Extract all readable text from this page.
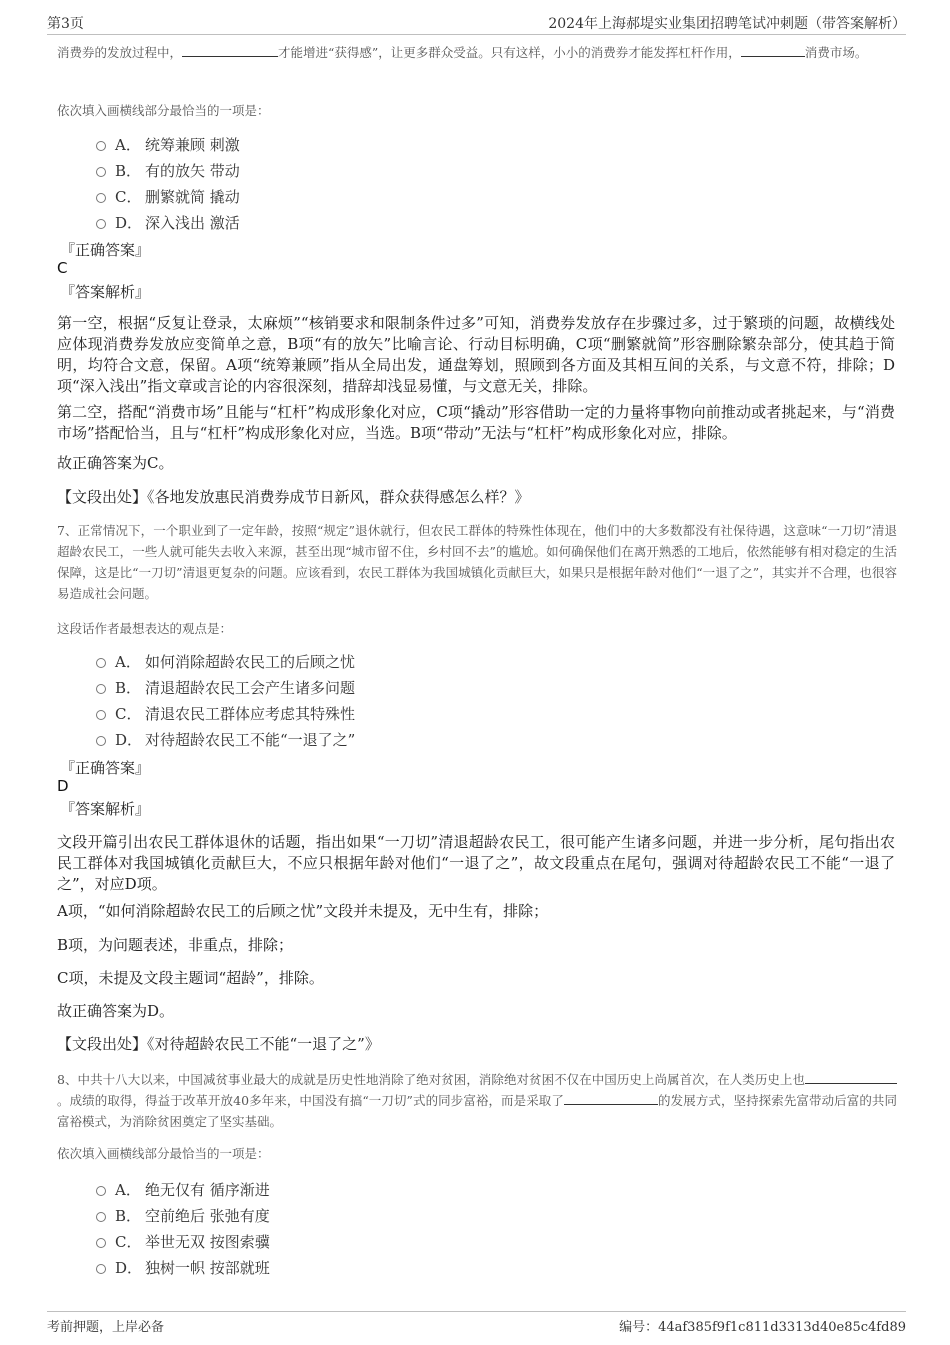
第3页	2024年上海郝堤实业集团招聘笔试冲刺题（带答案解析）
消费券的发放过程中，	才能增进“获得感”，让更多群众受益。只有这样，小小的消费券才能发挥杠杆作用，	消费市场。
依次填入画横线部分最恰当的一项是：
A． 统筹兼顾 刺激
B． 有的放矢 带动
C． 删繁就简 撬动
D． 深入浅出 激活
『正确答案』
C
『答案解析』
第一空，根据“反复让登录，太麻烦”“核销要求和限制条件过多”可知，消费券发放存在步骤过多，过于繁琐的问题，故横线处应体现消费券发放应变简单之意，B项“有的放矢”比喻言论、行动目标明确，C项“删繁就简”形容删除繁杂部分，使其趋于简明，均符合文意，保留。A项“统筹兼顾”指从全局出发，通盘筹划，照顾到各方面及其相互间的关系，与文意不符，排除；D项“深入浅出”指文章或言论的内容很深刻，措辞却浅显易懂，与文意无关，排除。
第二空，搭配“消费市场”且能与“杠杆”构成形象化对应，C项“撬动”形容借助一定的力量将事物向前推动或者挑起来，与“消费市场”搭配恰当，且与“杠杆”构成形象化对应，当选。B项“带动”无法与“杠杆”构成形象化对应，排除。
故正确答案为C。
【文段出处】《各地发放惠民消费券成节日新风，群众获得感怎么样？》
7、正常情况下，一个职业到了一定年龄，按照“规定”退休就行，但农民工群体的特殊性体现在，他们中的大多数都没有社保待遇，这意味“一刀切”清退超龄农民工，一些人就可能失去收入来源，甚至出现“城市留不住，乡村回不去”的尴尬。如何确保他们在离开熟悉的工地后，依然能够有相对稳定的生活保障，这是比“一刀切”清退更复杂的问题。应该看到，农民工群体为我国城镇化贡献巨大，如果只是根据年龄对他们“一退了之”，其实并不合理，也很容易造成社会问题。
这段话作者最想表达的观点是：
A． 如何消除超龄农民工的后顾之忧
B． 清退超龄农民工会产生诸多问题
C． 清退农民工群体应考虑其特殊性
D． 对待超龄农民工不能“一退了之”
『正确答案』
D
『答案解析』
文段开篇引出农民工群体退休的话题，指出如果“一刀切”清退超龄农民工，很可能产生诸多问题，并进一步分析，尾句指出农民工群体对我国城镇化贡献巨大，不应只根据年龄对他们“一退了之”，故文段重点在尾句，强调对待超龄农民工不能“一退了之”，对应D项。
A项，“如何消除超龄农民工的后顾之忧”文段并未提及，无中生有，排除；
B项，为问题表述，非重点，排除；
C项，未提及文段主题词“超龄”，排除。
故正确答案为D。
【文段出处】《对待超龄农民工不能“一退了之”》
8、中共十八大以来，中国减贫事业最大的成就是历史性地消除了绝对贫困，消除绝对贫困不仅在中国历史上尚属首次，在人类历史上也。成绩的取得，得益于改革开放40多年来，中国没有搞“一刀切”式的同步富裕，而是采取了	的发展方式，坚持探索先富带动后富的共同富裕模式，为消除贫困奠定了坚实基础。
依次填入画横线部分最恰当的一项是：
A． 绝无仅有 循序渐进
B． 空前绝后 张弛有度
C． 举世无双 按图索骥
D． 独树一帜 按部就班
考前押题，上岸必备	编号：44af385f9f1c811d3313d40e85c4fd89
